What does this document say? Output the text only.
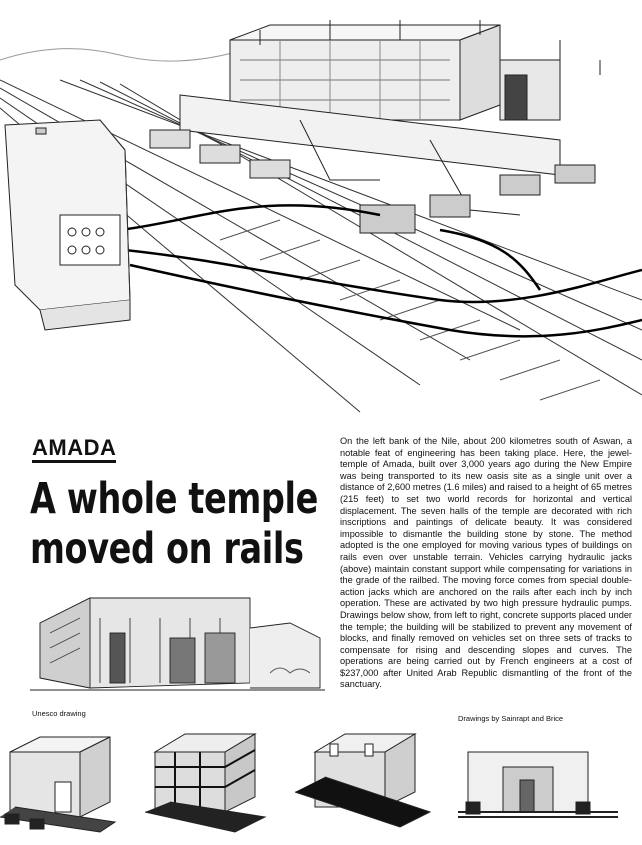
AMADA
A whole temple
moved on rails

On the left bank of the Nile, about 200 kilometres south of Aswan, a notable feat of engineering has been taking place. Here, the jewel-temple of Amada, built over 3,000 years ago during the New Empire was being transported to its new oasis site as a single unit over a distance of 2,600 metres (1.6 miles) and raised to a height of 65 metres (215 feet) to set two world records for horizontal and vertical displacement. The seven halls of the temple are decorated with rich inscriptions and paintings of delicate beauty. It was considered impossible to dismantle the building stone by stone. The method adopted is the one employed for moving various types of buildings on rails even over unstable terrain. Vehicles carrying hydraulic jacks (above) maintain constant support while compensating for variations in the grade of the railbed. The moving force comes from special double-action jacks which are anchored on the rails after each inch by inch operation. These are activated by two high pressure hydraulic pumps. Drawings below show, from left to right, concrete supports placed under the temple; the building will be stabilized to prevent any movement of blocks, and finally removed on vehicles set on three sets of tracks to compensate for rising and descending slopes and curves. The operations are being carried out by French engineers at a cost of $237,000 after United Arab Republic dismantling of the front of the sanctuary.

Unesco drawing

Drawings by Sainrapt and Brice
